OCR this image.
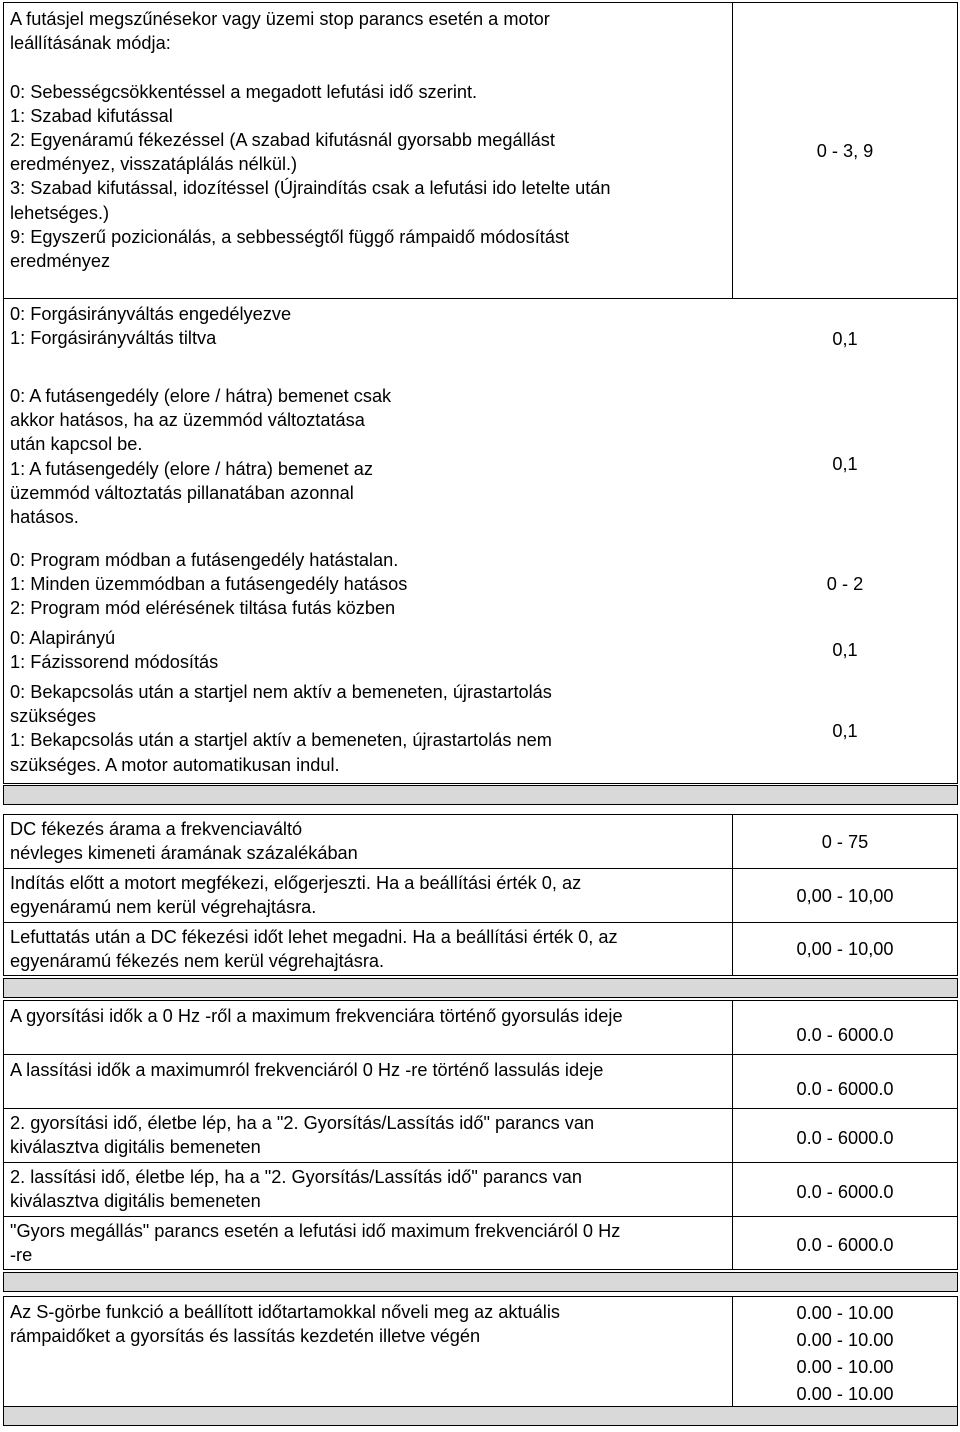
A futásjel megszűnésekor vagy üzemi stop parancs esetén a motor
leállításának módja:

0: Sebességcsökkentéssel a megadott lefutási idő szerint.
1: Szabad kifutással
2: Egyenáramú fékezéssel (A szabad kifutásnál gyorsabb megállást
eredményez, visszatáplálás nélkül.)
3: Szabad kifutással, idozítéssel (Újraindítás csak a lefutási ido letelte után
lehetséges.)
9: Egyszerű pozicionálás, a sebbességtől függő rámpaidő módosítást
eredményez
0 - 3, 9
0: Forgásirányváltás engedélyezve
1: Forgásirányváltás tiltva	0,1
0: A futásengedély (elore / hátra) bemenet csak
akkor hatásos, ha az üzemmód változtatása
után kapcsol be.
1: A futásengedély (elore / hátra) bemenet az
üzemmód változtatás pillanatában azonnal
hatásos.
0,1
0: Program módban a futásengedély hatástalan.
1: Minden üzemmódban a futásengedély hatásos
2: Program mód elérésének tiltása futás közben
0 - 2
0: Alapirányú
1: Fázissorend módosítás
0,1
0: Bekapcsolás után a startjel nem aktív a bemeneten, újrastartolás
szükséges
1: Bekapcsolás után a startjel aktív a bemeneten, újrastartolás nem
szükséges. A motor automatikusan indul.
0,1
DC fékezés árama a frekvenciaváltó
névleges kimeneti áramának százalékában
0 - 75
Indítás előtt a motort megfékezi, előgerjeszti. Ha a beállítási érték 0, az
egyenáramú nem kerül végrehajtásra.
0,00 - 10,00
Lefuttatás után a DC fékezési időt lehet megadni. Ha a beállítási érték 0, az
egyenáramú fékezés nem kerül végrehajtásra.
0,00 - 10,00
A gyorsítási idők a 0 Hz -ről a maximum frekvenciára történő gyorsulás ideje
0.0 - 6000.0
A lassítási idők a maximumról frekvenciáról 0 Hz -re történő lassulás ideje
0.0 - 6000.0
2. gyorsítási idő, életbe lép, ha a "2. Gyorsítás/Lassítás idő" parancs van
kiválasztva digitális bemeneten	0.0 - 6000.0
2. lassítási idő, életbe lép, ha a "2. Gyorsítás/Lassítás idő" parancs van
kiválasztva digitális bemeneten	0.0 - 6000.0
"Gyors megállás" parancs esetén a lefutási idő maximum frekvenciáról 0 Hz
-re
0.0 - 6000.0
Az S-görbe funkció a beállított időtartamokkal nőveli meg az aktuális
rámpaidőket a gyorsítás és lassítás kezdetén illetve végén
0.00 - 10.00
0.00 - 10.00
0.00 - 10.00
0.00 - 10.00
